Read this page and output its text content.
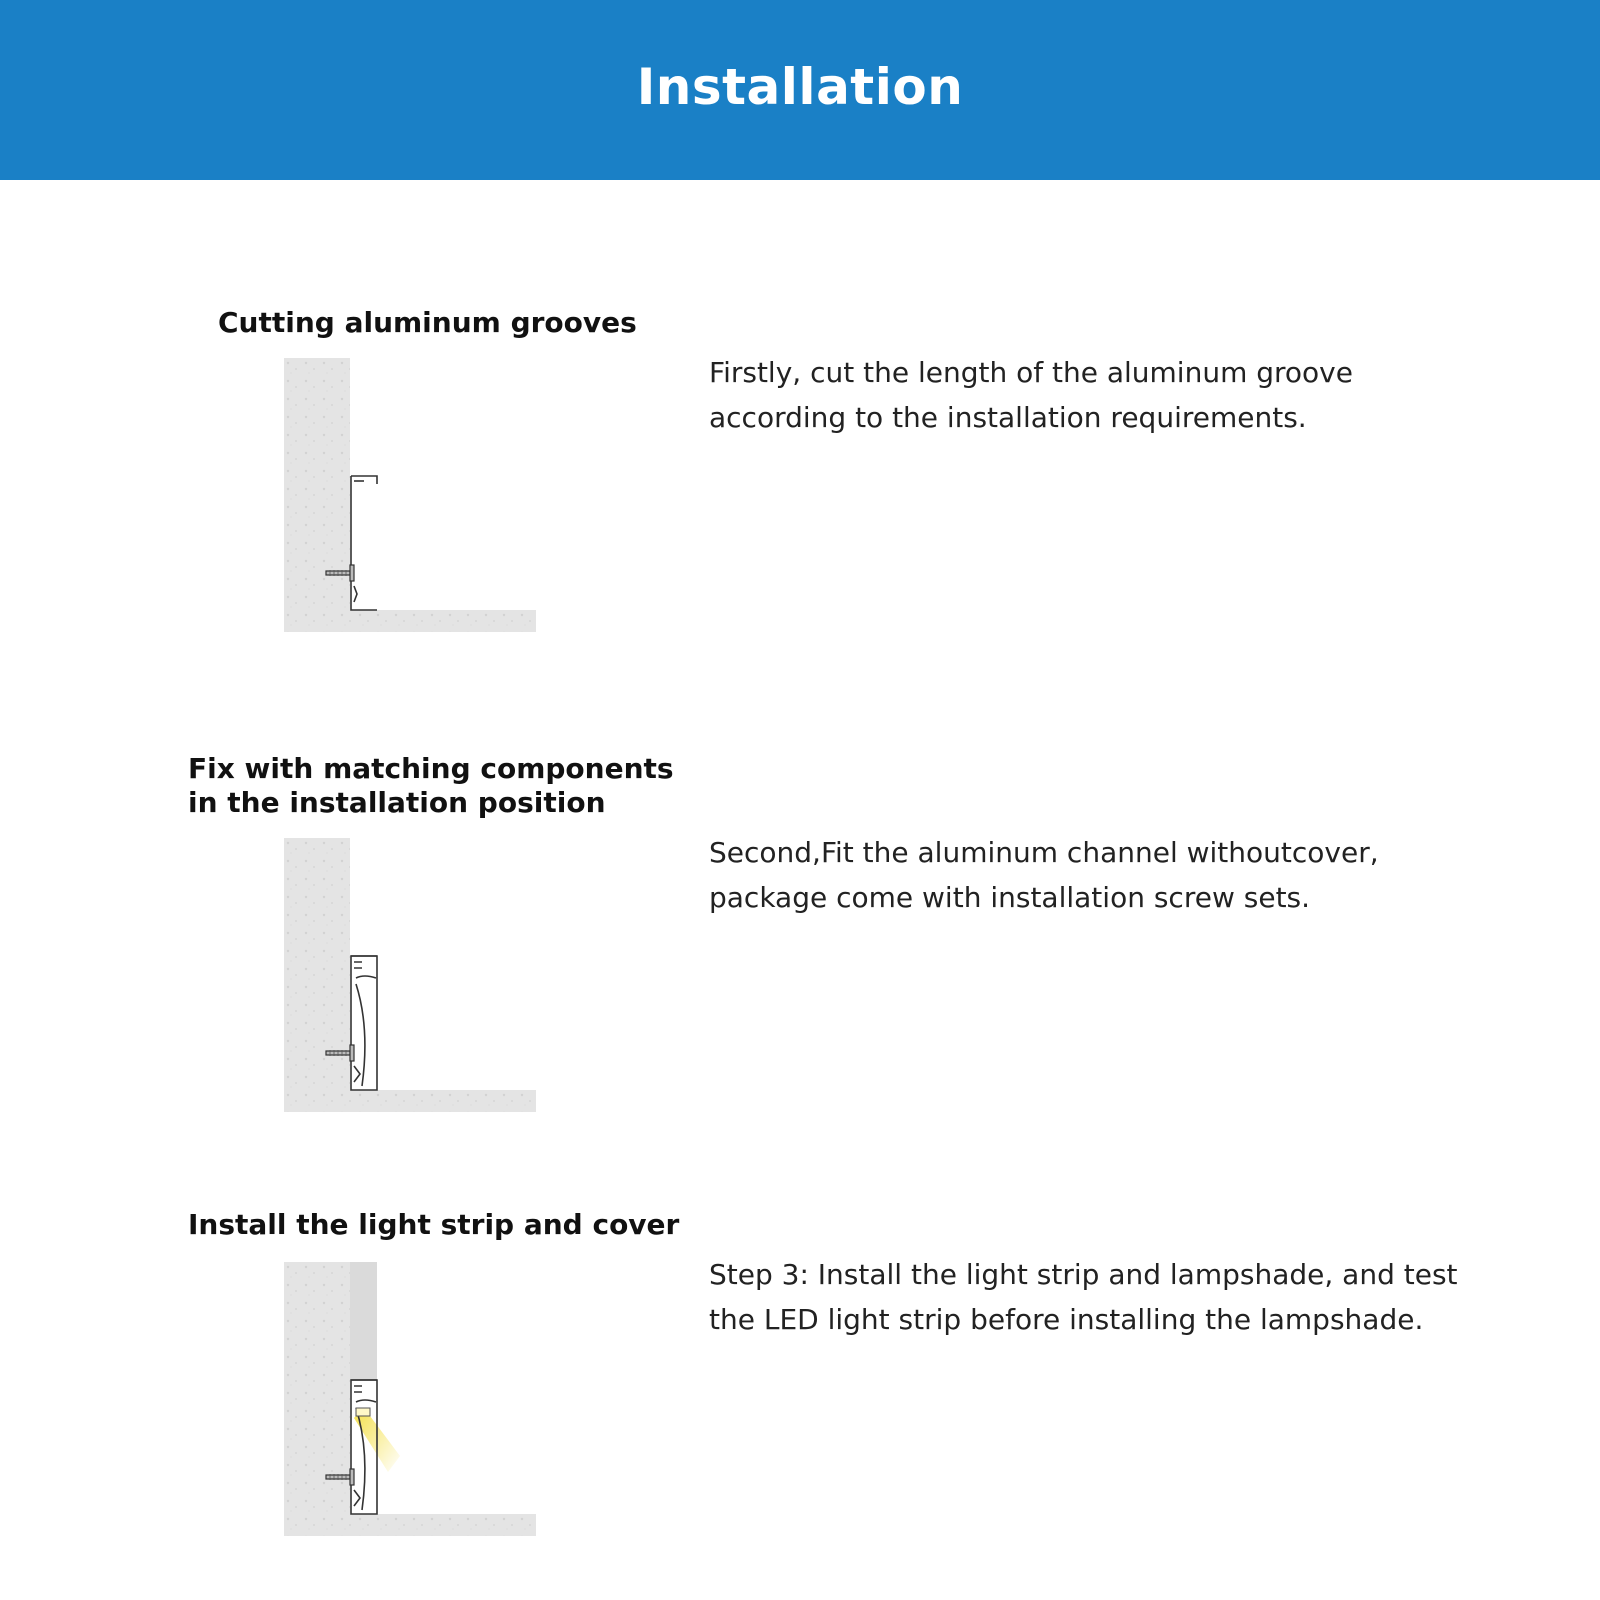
Installation
Cutting aluminum grooves

Firstly, cut the length of the aluminum groove
according to the installation requirements.

Fix with matching components
in the installation position

Second,Fit the aluminum channel withoutcover,
package come with installation screw sets.

Install the light strip and cover

Step 3: Install the light strip and lampshade, and test
the LED light strip before installing the lampshade.
